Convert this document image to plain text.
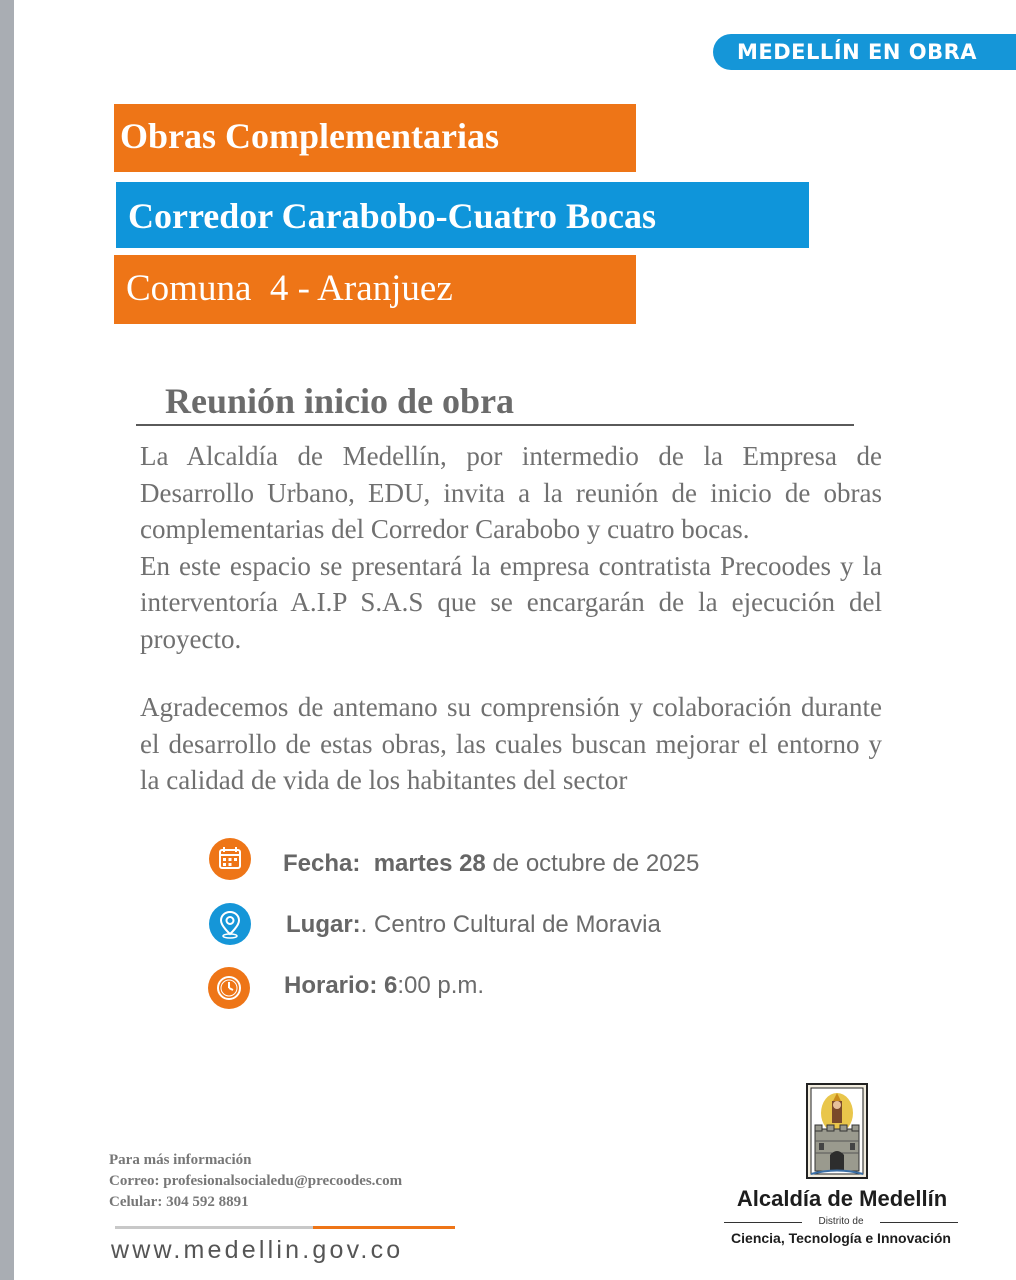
MEDELLÍN EN OBRA
Obras Complementarias
Corredor Carabobo-Cuatro Bocas
Comuna  4 - Aranjuez
Reunión inicio de obra

La Alcaldía de Medellín, por intermedio de la Empresa de Desarrollo Urbano, EDU, invita a la reunión de inicio de obras complementarias del Corredor Carabobo y cuatro bocas.

En este espacio se presentará la empresa contratista Precoodes y la interventoría A.I.P S.A.S que se encargarán de la ejecución del proyecto.

Agradecemos de antemano su comprensión y colaboración durante el desarrollo de estas obras, las cuales buscan mejorar el entorno y la calidad de vida de los habitantes del sector

Fecha: martes 28 de octubre de 2025
Lugar:. Centro Cultural de Moravia
Horario: 6:00 p.m.
Para más información
Correo: profesionalsocialedu@precoodes.com
Celular: 304 592 8891
www.medellin.gov.co
Alcaldía de Medellín
Distrito de
Ciencia, Tecnología e Innovación
